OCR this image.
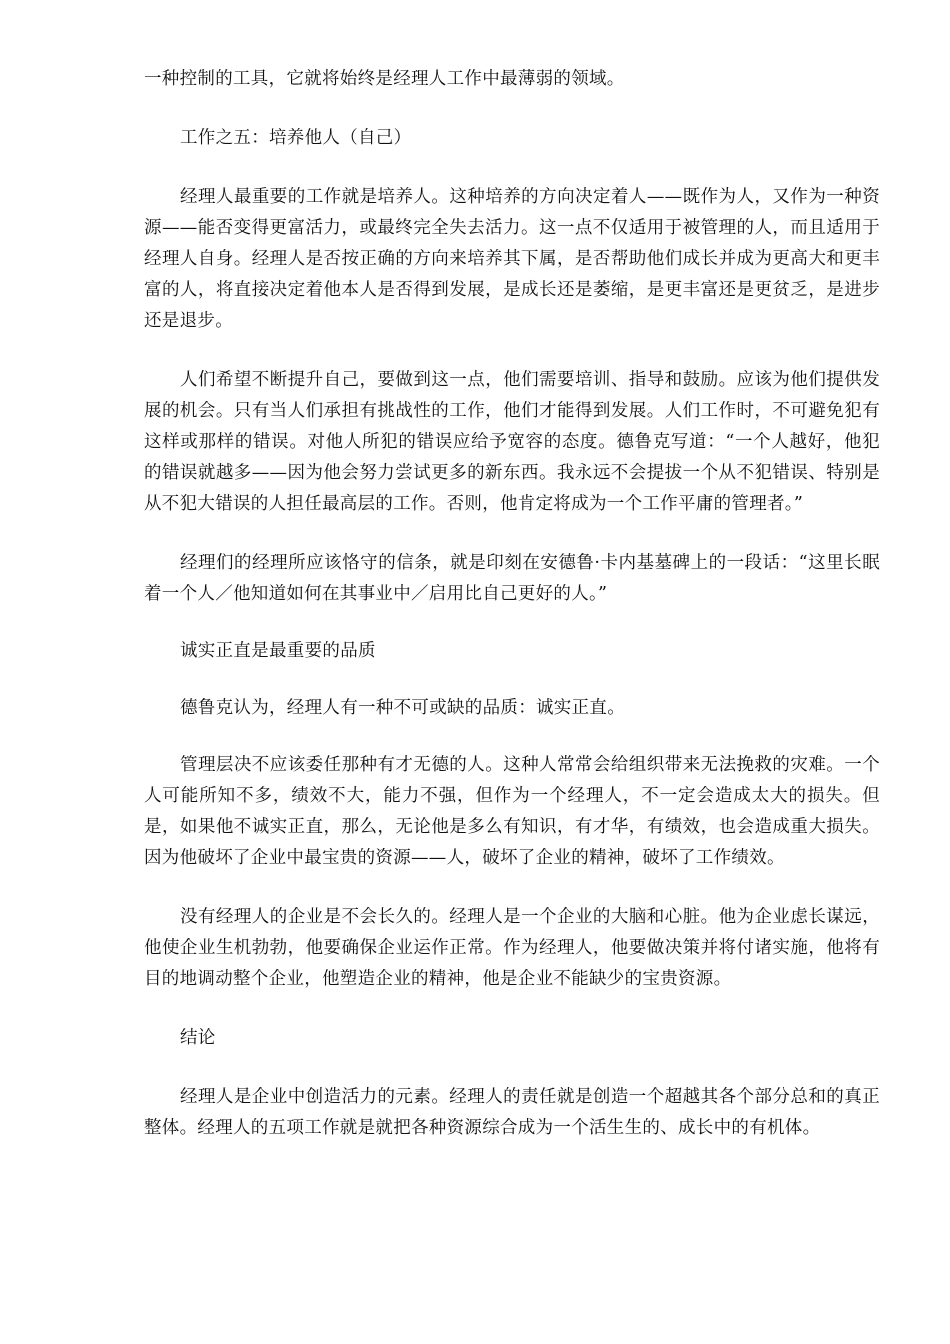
一种控制的工具，它就将始终是经理人工作中最薄弱的领域。

工作之五：培养他人（自己）

经理人最重要的工作就是培养人。这种培养的方向决定着人——既作为人，又作为一种资源——能否变得更富活力，或最终完全失去活力。这一点不仅适用于被管理的人，而且适用于经理人自身。经理人是否按正确的方向来培养其下属，是否帮助他们成长并成为更高大和更丰富的人，将直接决定着他本人是否得到发展，是成长还是萎缩，是更丰富还是更贫乏，是进步还是退步。

人们希望不断提升自己，要做到这一点，他们需要培训、指导和鼓励。应该为他们提供发展的机会。只有当人们承担有挑战性的工作，他们才能得到发展。人们工作时，不可避免犯有这样或那样的错误。对他人所犯的错误应给予宽容的态度。德鲁克写道：“一个人越好，他犯的错误就越多——因为他会努力尝试更多的新东西。我永远不会提拔一个从不犯错误、特别是从不犯大错误的人担任最高层的工作。否则，他肯定将成为一个工作平庸的管理者。”

经理们的经理所应该恪守的信条，就是印刻在安德鲁·卡内基墓碑上的一段话：“这里长眠着一个人／他知道如何在其事业中／启用比自己更好的人。”

诚实正直是最重要的品质

德鲁克认为，经理人有一种不可或缺的品质：诚实正直。

管理层决不应该委任那种有才无德的人。这种人常常会给组织带来无法挽救的灾难。一个人可能所知不多，绩效不大，能力不强，但作为一个经理人，不一定会造成太大的损失。但是，如果他不诚实正直，那么，无论他是多么有知识，有才华，有绩效，也会造成重大损失。因为他破坏了企业中最宝贵的资源——人，破坏了企业的精神，破坏了工作绩效。

没有经理人的企业是不会长久的。经理人是一个企业的大脑和心脏。他为企业虑长谋远，他使企业生机勃勃，他要确保企业运作正常。作为经理人，他要做决策并将付诸实施，他将有目的地调动整个企业，他塑造企业的精神，他是企业不能缺少的宝贵资源。

结论

经理人是企业中创造活力的元素。经理人的责任就是创造一个超越其各个部分总和的真正整体。经理人的五项工作就是就把各种资源综合成为一个活生生的、成长中的有机体。
